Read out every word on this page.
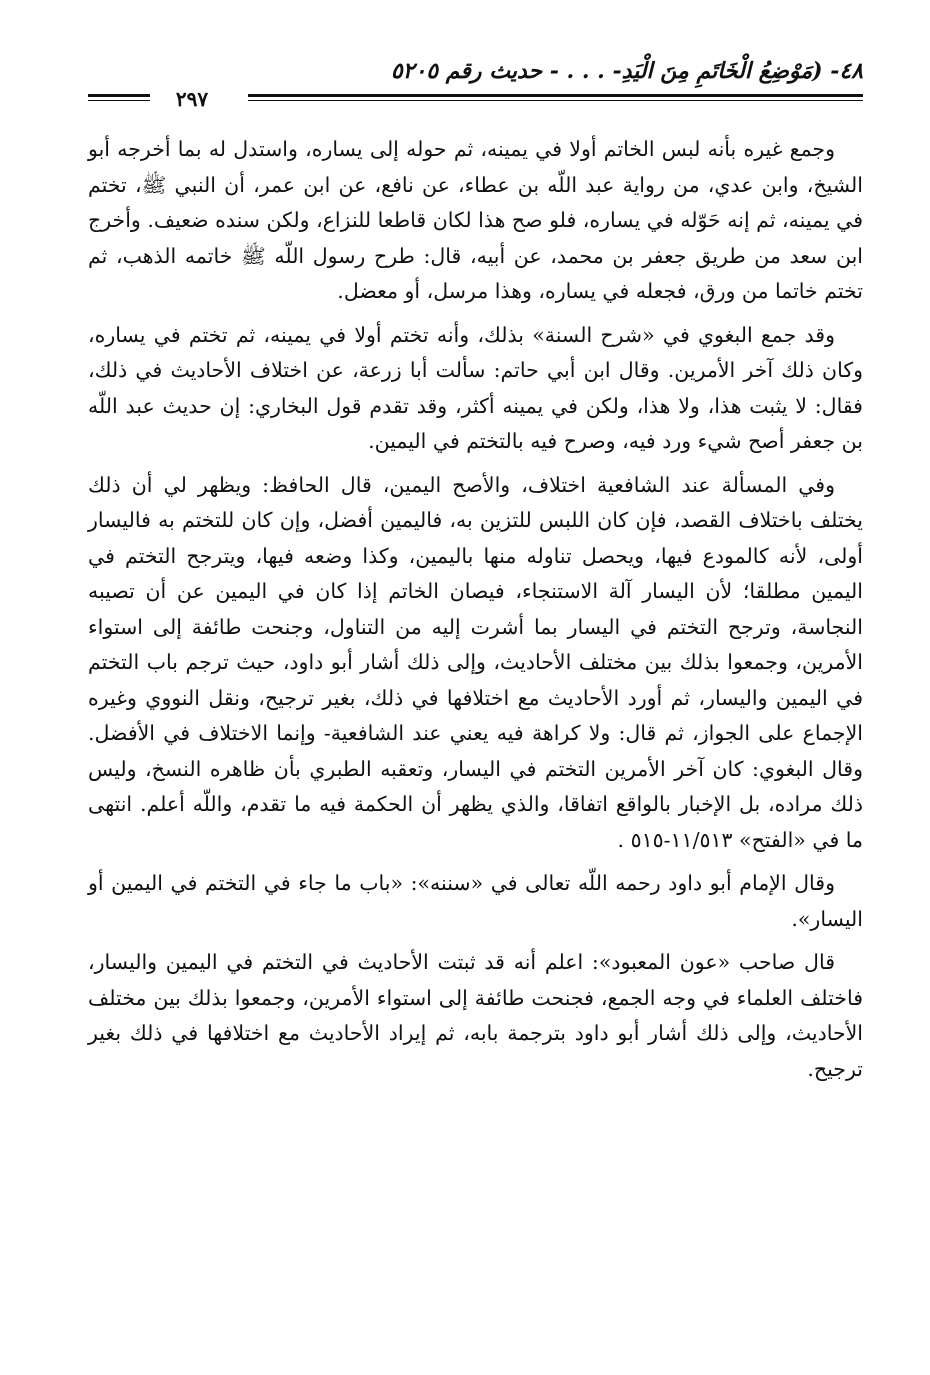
٤٨- (مَوْضِعُ الْخَاتَمِ مِنَ الْيَدِ- . . . - حديث رقم ٥٢٠٥
٢٩٧

وجمع غيره بأنه لبس الخاتم أولا في يمينه، ثم حوله إلى يساره، واستدل له بما أخرجه أبو الشيخ، وابن عدي، من رواية عبد اللّه بن عطاء، عن نافع، عن ابن عمر، أن النبي ﷺ، تختم في يمينه، ثم إنه حَوّله في يساره، فلو صح هذا لكان قاطعا للنزاع، ولكن سنده ضعيف. وأخرج ابن سعد من طريق جعفر بن محمد، عن أبيه، قال: طرح رسول اللّه ﷺ خاتمه الذهب، ثم تختم خاتما من ورق، فجعله في يساره، وهذا مرسل، أو معضل.

وقد جمع البغوي في «شرح السنة» بذلك، وأنه تختم أولا في يمينه، ثم تختم في يساره، وكان ذلك آخر الأمرين. وقال ابن أبي حاتم: سألت أبا زرعة، عن اختلاف الأحاديث في ذلك، فقال: لا يثبت هذا، ولا هذا، ولكن في يمينه أكثر، وقد تقدم قول البخاري: إن حديث عبد اللّه بن جعفر أصح شيء ورد فيه، وصرح فيه بالتختم في اليمين.

وفي المسألة عند الشافعية اختلاف، والأصح اليمين، قال الحافظ: ويظهر لي أن ذلك يختلف باختلاف القصد، فإن كان اللبس للتزين به، فاليمين أفضل، وإن كان للتختم به فاليسار أولى، لأنه كالمودع فيها، ويحصل تناوله منها باليمين، وكذا وضعه فيها، ويترجح التختم في اليمين مطلقا؛ لأن اليسار آلة الاستنجاء، فيصان الخاتم إذا كان في اليمين عن أن تصيبه النجاسة، وترجح التختم في اليسار بما أشرت إليه من التناول، وجنحت طائفة إلى استواء الأمرين، وجمعوا بذلك بين مختلف الأحاديث، وإلى ذلك أشار أبو داود، حيث ترجم باب التختم في اليمين واليسار، ثم أورد الأحاديث مع اختلافها في ذلك، بغير ترجيح، ونقل النووي وغيره الإجماع على الجواز، ثم قال: ولا كراهة فيه يعني عند الشافعية- وإنما الاختلاف في الأفضل. وقال البغوي: كان آخر الأمرين التختم في اليسار، وتعقبه الطبري بأن ظاهره النسخ، وليس ذلك مراده، بل الإخبار بالواقع اتفاقا، والذي يظهر أن الحكمة فيه ما تقدم، واللّه أعلم. انتهى ما في «الفتح» ١١/٥١٣-٥١٥ .

وقال الإمام أبو داود رحمه اللّه تعالى في «سننه»: «باب ما جاء في التختم في اليمين أو اليسار».

قال صاحب «عون المعبود»: اعلم أنه قد ثبتت الأحاديث في التختم في اليمين واليسار، فاختلف العلماء في وجه الجمع، فجنحت طائفة إلى استواء الأمرين، وجمعوا بذلك بين مختلف الأحاديث، وإلى ذلك أشار أبو داود بترجمة بابه، ثم إيراد الأحاديث مع اختلافها في ذلك بغير ترجيح.
